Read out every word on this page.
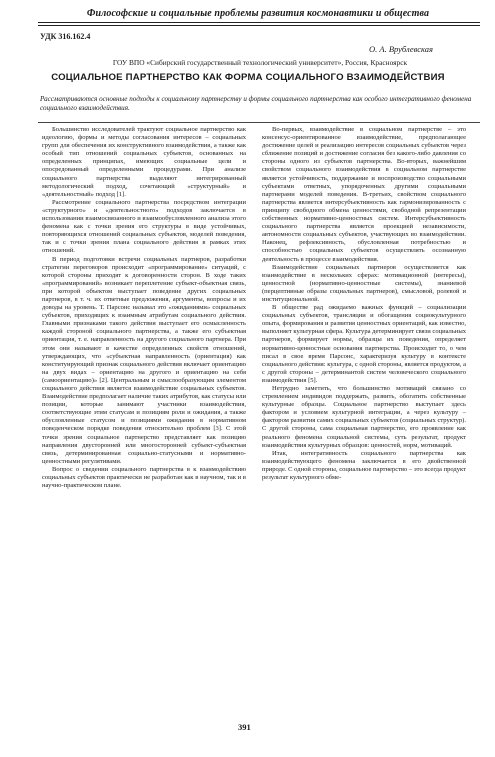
Философские и социальные проблемы развития космонавтики и общества
УДК 316.162.4
О. А. Врублевская
ГОУ ВПО «Сибирский государственный технологический университет», Россия, Красноярск
СОЦИАЛЬНОЕ ПАРТНЕРСТВО КАК ФОРМА СОЦИАЛЬНОГО ВЗАИМОДЕЙСТВИЯ
Рассматриваются основные подходы к социальному партнерству и формы социального партнерства как особого интегративного феномена социального взаимодействия.

Большинство исследователей трактуют социальное партнерство как идеологию, формы и методы согласования интересов – социальных групп для обеспечения их конструктивного взаимодействия, а также как особый тип отношений социальных субъектов, основанных на определенных принципах, имеющих социальные цели и опосредованный определенными процедурами. При анализе социального партнерства выделяют интегрированный методологический подход, сочетающий «структурный» и «деятельностный» подход [1].

Рассмотрение социального партнерства посредством интеграции «структурного» и «деятельностного» подходов заключается в использовании взаимосвязанного и взаимообусловленного анализа этого феномена как с точки зрения его структуры в виде устойчивых, повторяющихся отношений социальных субъектов, моделей поведения, так и с точки зрения плана социального действия в рамках этих отношений.

В период подготовки встречи социальных партнеров, разработки стратегии переговоров происходит «программирование» ситуаций, с которой стороны приходят к договоренности сторон. В ходе таких «программирований» возникает переплетение субъект-объектная связь, при которой объектом выступает поведение других социальных партнеров, в т. ч. их ответные предложения, аргументы, вопросы и их доводы на уровень. Т. Парсонс называл это «ожиданиями» социальных субъектов, приходящих к взаимным атрибутам социального действия. Главными признаками такого действия выступает его осмысленность каждой стороной социального партнерства, а также его субъектная ориентация, т. е. направленность на другого социального партнера. При этом они называют в качестве определенных свойств отношений, утверждающих, что «субъектная направленность (ориентация) как конституирующий признак социального действия включает ориентацию на двух видах – ориентацию на другого и ориентацию на себя (самоориентацию)» [2]. Центральным и смыслообразующим элементом социального действия является взаимодействие социальных субъектов. Взаимодействие предполагает наличие таких атрибутов, как статусы или позиции, которые занимают участники взаимодействия, соответствующие этим статусам и позициям роли и ожидания, а также обусловленные статусом и позициями ожидания в нормативном поведенческом порядке поведения относительно проблем [3]. С этой точки зрения социальное партнерство представляет как позицию направления двусторонней или многосторонней субъект-субъектная связь, детерминированная социально-статусными и нормативно-ценностными регулятивами.

Вопрос о сведении социального партнерства в к взаимодействию социальных субъектов практически не разработан как в научном, так и в научно-практическом плане.

Во-первых, взаимодействие в социальном партнерстве – это консенсус-ориентированное взаимодействие, предполагающее достижение целей и реализацию интересов социальных субъектов через сближение позиций и достижение согласия без какого-либо давления со стороны одного из субъектов партнерства. Во-вторых, важнейшим свойством социального взаимодействия в социальном партнерстве является устойчивость, поддержание и воспроизводство социальными субъектами ответных, упорядоченных другими социальными партнерами моделей поведения. В-третьих, свойством социального партнерства является интерсубъективность как гармонизированность с принципу свободного обмена ценностями, свободной репрезентации собственных нормативно-ценностных систем. Интерсубъективность социального партнерства является проекцией независимости, автономности социальных субъектов, участвующих во взаимодействии. Наконец, рефлексивность, обусловленная потребностью и способностью социальных субъектов осуществлять осознанную деятельность в процессе взаимодействия.

Взаимодействие социальных партнеров осуществляется как взаимодействие в нескольких сферах: мотивационной (интересы), ценностной (нормативно-ценностные системы), знаниевой (перцептивные образы социальных партнеров), смысловой, ролевой и институциональной.

В обществе рад ожидаемо важных функций – социализации социальных субъектов, трансляции и обогащения социокультурного опыта, формирования и развития ценностных ориентаций, как известно, выполняет культурная сфера. Культура детерминирует связи социальных партнеров, формирует нормы, образцы их поведения, определяет нормативно-ценностные основания партнерства. Происходит то, о чем писал в свое время Парсонс, характеризуя культуру в контексте социального действия: культура, с одной стороны, является продуктом, а с другой стороны – детерминантой систем человеческого социального взаимодействия [5].

Нетрудно заметить, что большинство мотиваций связано со стремлением индивидов поддержать, развить, обогатить собственные культурные образцы. Социальное партнерство выступает здесь фактором и условием культурной интеграции, а через культуру – фактором развития самих социальных субъектов (социальных структур). С другой стороны, сама социальная партнерство, его проявление как реального феномена социальной системы, суть результат, продукт взаимодействия культурных образцов: ценностей, норм, мотиваций.

Итак, интегративность социального партнерства как взаимодействующего феномена заключается в его двойственной природе. С одной стороны, социальное партнерство – это всегда продукт результат культурного обме-

391
